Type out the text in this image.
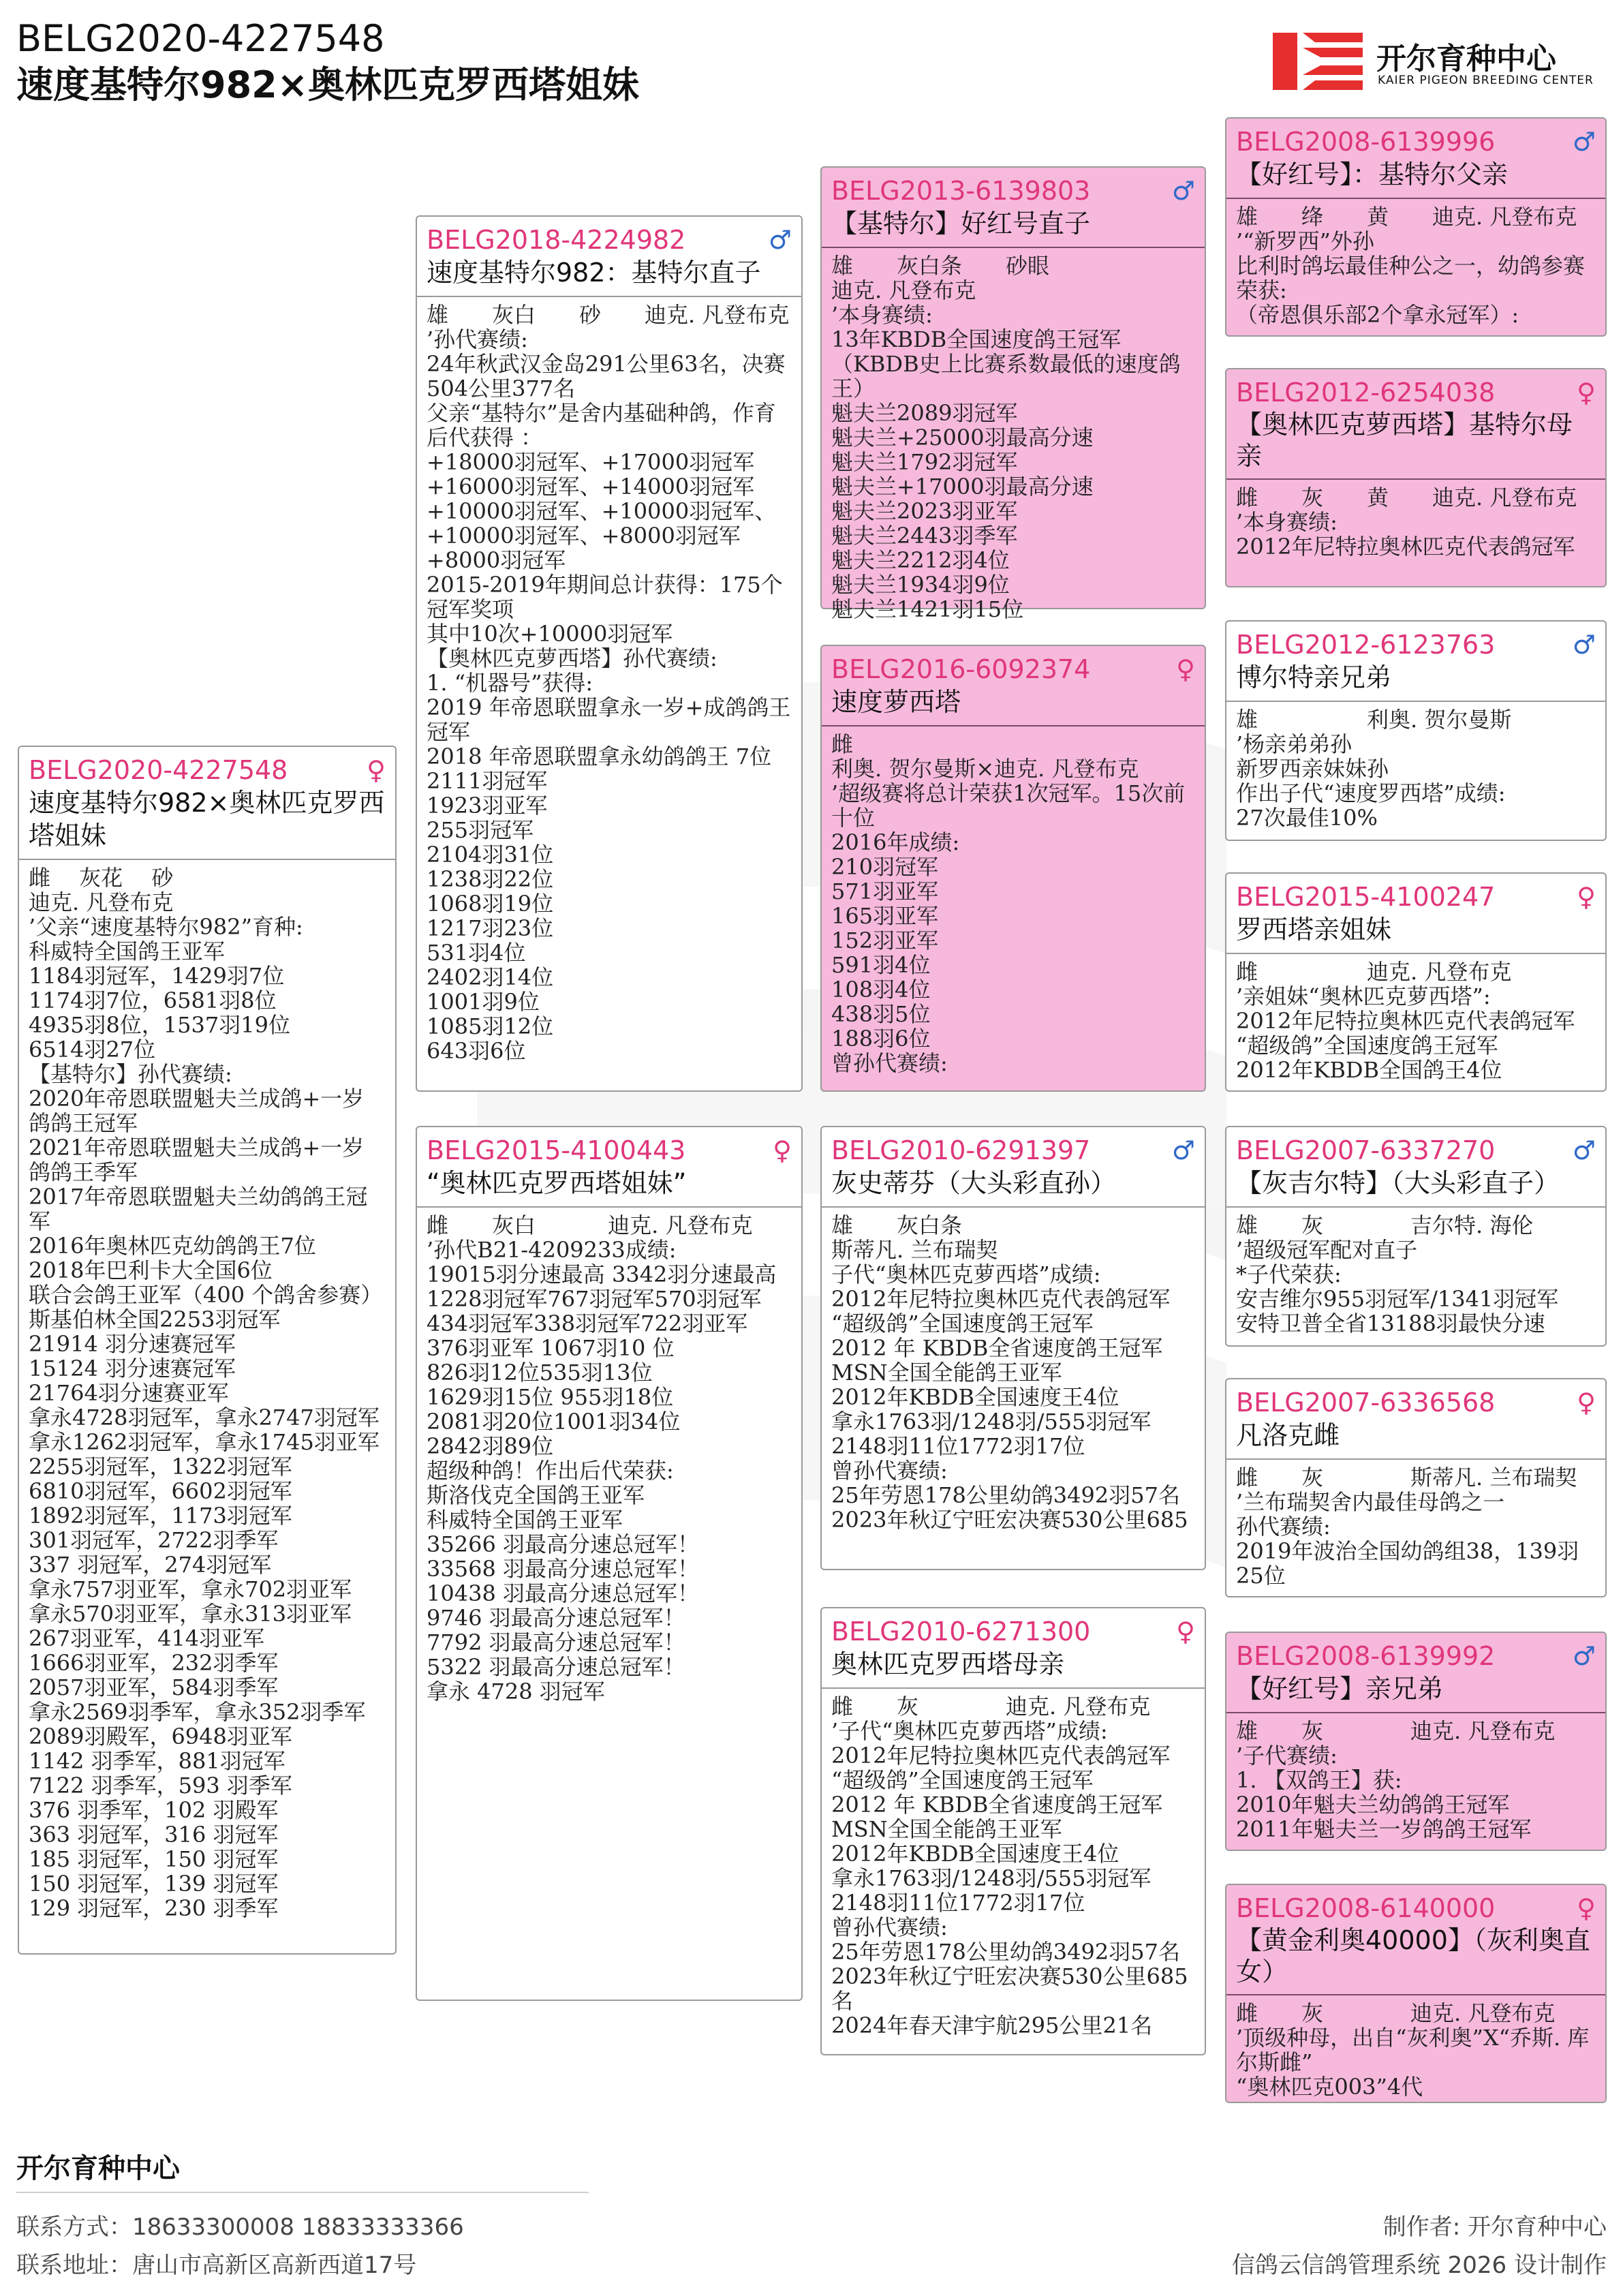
BELG2020-4227548
速度基特尔982×奥林匹克罗西塔姐妹
开尔育种中心
KAIER PIGEON BREEDING CENTER
BELG2020-4227548	♀
速度基特尔982×奥林匹克罗西塔姐妹
雌　 灰花　 砂
迪克. 凡登布克
’父亲“速度基特尔982”育种:
科威特全国鸽王亚军
1184羽冠军，1429羽7位
1174羽7位，6581羽8位
4935羽8位，1537羽19位
6514羽27位
【基特尔】孙代赛绩:
2020年帝恩联盟魁夫兰成鸽+一岁鸽鸽王冠军
2021年帝恩联盟魁夫兰成鸽+一岁鸽鸽王季军
2017年帝恩联盟魁夫兰幼鸽鸽王冠军
2016年奥林匹克幼鸽鸽王7位
2018年巴利卡大全国6位
联合会鸽王亚军（400 个鸽舍参赛）
斯基伯林全国2253羽冠军
21914 羽分速赛冠军
15124 羽分速赛冠军
21764羽分速赛亚军
拿永4728羽冠军，拿永2747羽冠军
拿永1262羽冠军，拿永1745羽亚军
2255羽冠军，1322羽冠军
6810羽冠军，6602羽冠军
1892羽冠军，1173羽冠军
301羽冠军，2722羽季军
337 羽冠军，274羽冠军
拿永757羽亚军，拿永702羽亚军
拿永570羽亚军，拿永313羽亚军
267羽亚军，414羽亚军
1666羽亚军，232羽季军
2057羽亚军，584羽季军
拿永2569羽季军，拿永352羽季军
2089羽殿军，6948羽亚军
1142 羽季军，881羽冠军
7122 羽季军，593 羽季军
376 羽季军，102 羽殿军
363 羽冠军，316 羽冠军
185 羽冠军，150 羽冠军
150 羽冠军，139 羽冠军
129 羽冠军，230 羽季军
BELG2018-4224982	♂
速度基特尔982：基特尔直子
雄　　灰白　　砂　　迪克. 凡登布克
’孙代赛绩:
24年秋武汉金岛291公里63名，决赛504公里377名
父亲“基特尔”是舍内基础种鸽，作育后代获得 ：
+18000羽冠军、+17000羽冠军
+16000羽冠军、+14000羽冠军
+10000羽冠军、+10000羽冠军、
+10000羽冠军、+8000羽冠军
+8000羽冠军
2015-2019年期间总计获得：175个冠军奖项
其中10次+10000羽冠军
【奥林匹克萝西塔】孙代赛绩:
1. “机器号”获得:
2019 年帝恩联盟拿永一岁+成鸽鸽王冠军
2018 年帝恩联盟拿永幼鸽鸽王 7位
2111羽冠军
1923羽亚军
255羽冠军
2104羽31位
1238羽22位
1068羽19位
1217羽23位
531羽4位
2402羽14位
1001羽9位
1085羽12位
643羽6位
BELG2015-4100443	♀
“奥林匹克罗西塔姐妹”
雌　　灰白　　　 迪克. 凡登布克
’孙代B21-4209233成绩:
19015羽分速最高 3342羽分速最高
1228羽冠军767羽冠军570羽冠军
434羽冠军338羽冠军722羽亚军
376羽亚军 1067羽10 位
826羽12位535羽13位
1629羽15位 955羽18位
2081羽20位1001羽34位
2842羽89位
超级种鸽！作出后代荣获:
斯洛伐克全国鸽王亚军
科威特全国鸽王亚军
35266 羽最高分速总冠军！
33568 羽最高分速总冠军！
10438 羽最高分速总冠军！
9746 羽最高分速总冠军！
7792 羽最高分速总冠军！
5322 羽最高分速总冠军！
拿永 4728 羽冠军
BELG2013-6139803	♂
【基特尔】好红号直子
雄　　灰白条　　砂眼
迪克. 凡登布克
’本身赛绩:
13年KBDB全国速度鸽王冠军（KBDB史上比赛系数最低的速度鸽王）
魁夫兰2089羽冠军
魁夫兰+25000羽最高分速
魁夫兰1792羽冠军
魁夫兰+17000羽最高分速
魁夫兰2023羽亚军
魁夫兰2443羽季军
魁夫兰2212羽4位
魁夫兰1934羽9位
魁夫兰1421羽15位
BELG2016-6092374	♀
速度萝西塔
雌
利奥. 贺尔曼斯×迪克. 凡登布克
’超级赛将总计荣获1次冠军。15次前十位
2016年成绩:
210羽冠军
571羽亚军
165羽亚军
152羽亚军
591羽4位
108羽4位
438羽5位
188羽6位
曾孙代赛绩:
BELG2010-6291397	♂
灰史蒂芬（大头彩直孙）
雄　　灰白条
斯蒂凡. 兰布瑞契
子代“奥林匹克萝西塔”成绩:
2012年尼特拉奥林匹克代表鸽冠军
“超级鸽”全国速度鸽王冠军
2012 年 KBDB全省速度鸽王冠军
MSN全国全能鸽王亚军
2012年KBDB全国速度王4位
拿永1763羽/1248羽/555羽冠军
2148羽11位1772羽17位
曾孙代赛绩:
25年劳恩178公里幼鸽3492羽57名
2023年秋辽宁旺宏决赛530公里685
BELG2010-6271300	♀
奥林匹克罗西塔母亲
雌　　灰　　　　迪克. 凡登布克
’子代“奥林匹克萝西塔”成绩:
2012年尼特拉奥林匹克代表鸽冠军
“超级鸽”全国速度鸽王冠军
2012 年 KBDB全省速度鸽王冠军
MSN全国全能鸽王亚军
2012年KBDB全国速度王4位
拿永1763羽/1248羽/555羽冠军
2148羽11位1772羽17位
曾孙代赛绩:
25年劳恩178公里幼鸽3492羽57名
2023年秋辽宁旺宏决赛530公里685名
2024年春天津宇航295公里21名
BELG2008-6139996	♂
【好红号】：基特尔父亲
雄　　绛　　黄　　迪克. 凡登布克
’“新罗西”外孙
比利时鸽坛最佳种公之一，幼鸽参赛荣获:
（帝恩俱乐部2个拿永冠军）:
BELG2012-6254038	♀
【奥林匹克萝西塔】基特尔母亲
雌　　灰　　黄　　迪克. 凡登布克
’本身赛绩:
2012年尼特拉奥林匹克代表鸽冠军
BELG2012-6123763	♂
博尔特亲兄弟
雄　　　　　利奥. 贺尔曼斯
’杨亲弟弟孙
新罗西亲妹妹孙
作出子代“速度罗西塔”成绩:
27次最佳10%
BELG2015-4100247	♀
罗西塔亲姐妹
雌　　　　　迪克. 凡登布克
’亲姐妹“奥林匹克萝西塔”:
2012年尼特拉奥林匹克代表鸽冠军
“超级鸽”全国速度鸽王冠军
2012年KBDB全国鸽王4位
BELG2007-6337270	♂
【灰吉尔特】（大头彩直子）
雄　　灰　　　　吉尔特. 海伦
’超级冠军配对直子
*子代荣获:
安吉维尔955羽冠军/1341羽冠军
安特卫普全省13188羽最快分速
BELG2007-6336568	♀
凡洛克雌
雌　　灰　　　　斯蒂凡. 兰布瑞契
’兰布瑞契舍内最佳母鸽之一
孙代赛绩:
2019年波治全国幼鸽组38，139羽25位
BELG2008-6139992	♂
【好红号】亲兄弟
雄　　灰　　　　迪克. 凡登布克
’子代赛绩:
1. 【双鸽王】获:
2010年魁夫兰幼鸽鸽王冠军
2011年魁夫兰一岁鸽鸽王冠军
BELG2008-6140000	♀
【黄金利奥40000】（灰利奥直女）
雌　　灰　　　　迪克. 凡登布克
’顶级种母，出自“灰利奥”X“乔斯. 库尔斯雌”
“奥林匹克003”4代
开尔育种中心
联系方式：18633300008 18833333366
联系地址：唐山市高新区高新西道17号
制作者: 开尔育种中心
信鸽云信鸽管理系统 2026 设计制作
